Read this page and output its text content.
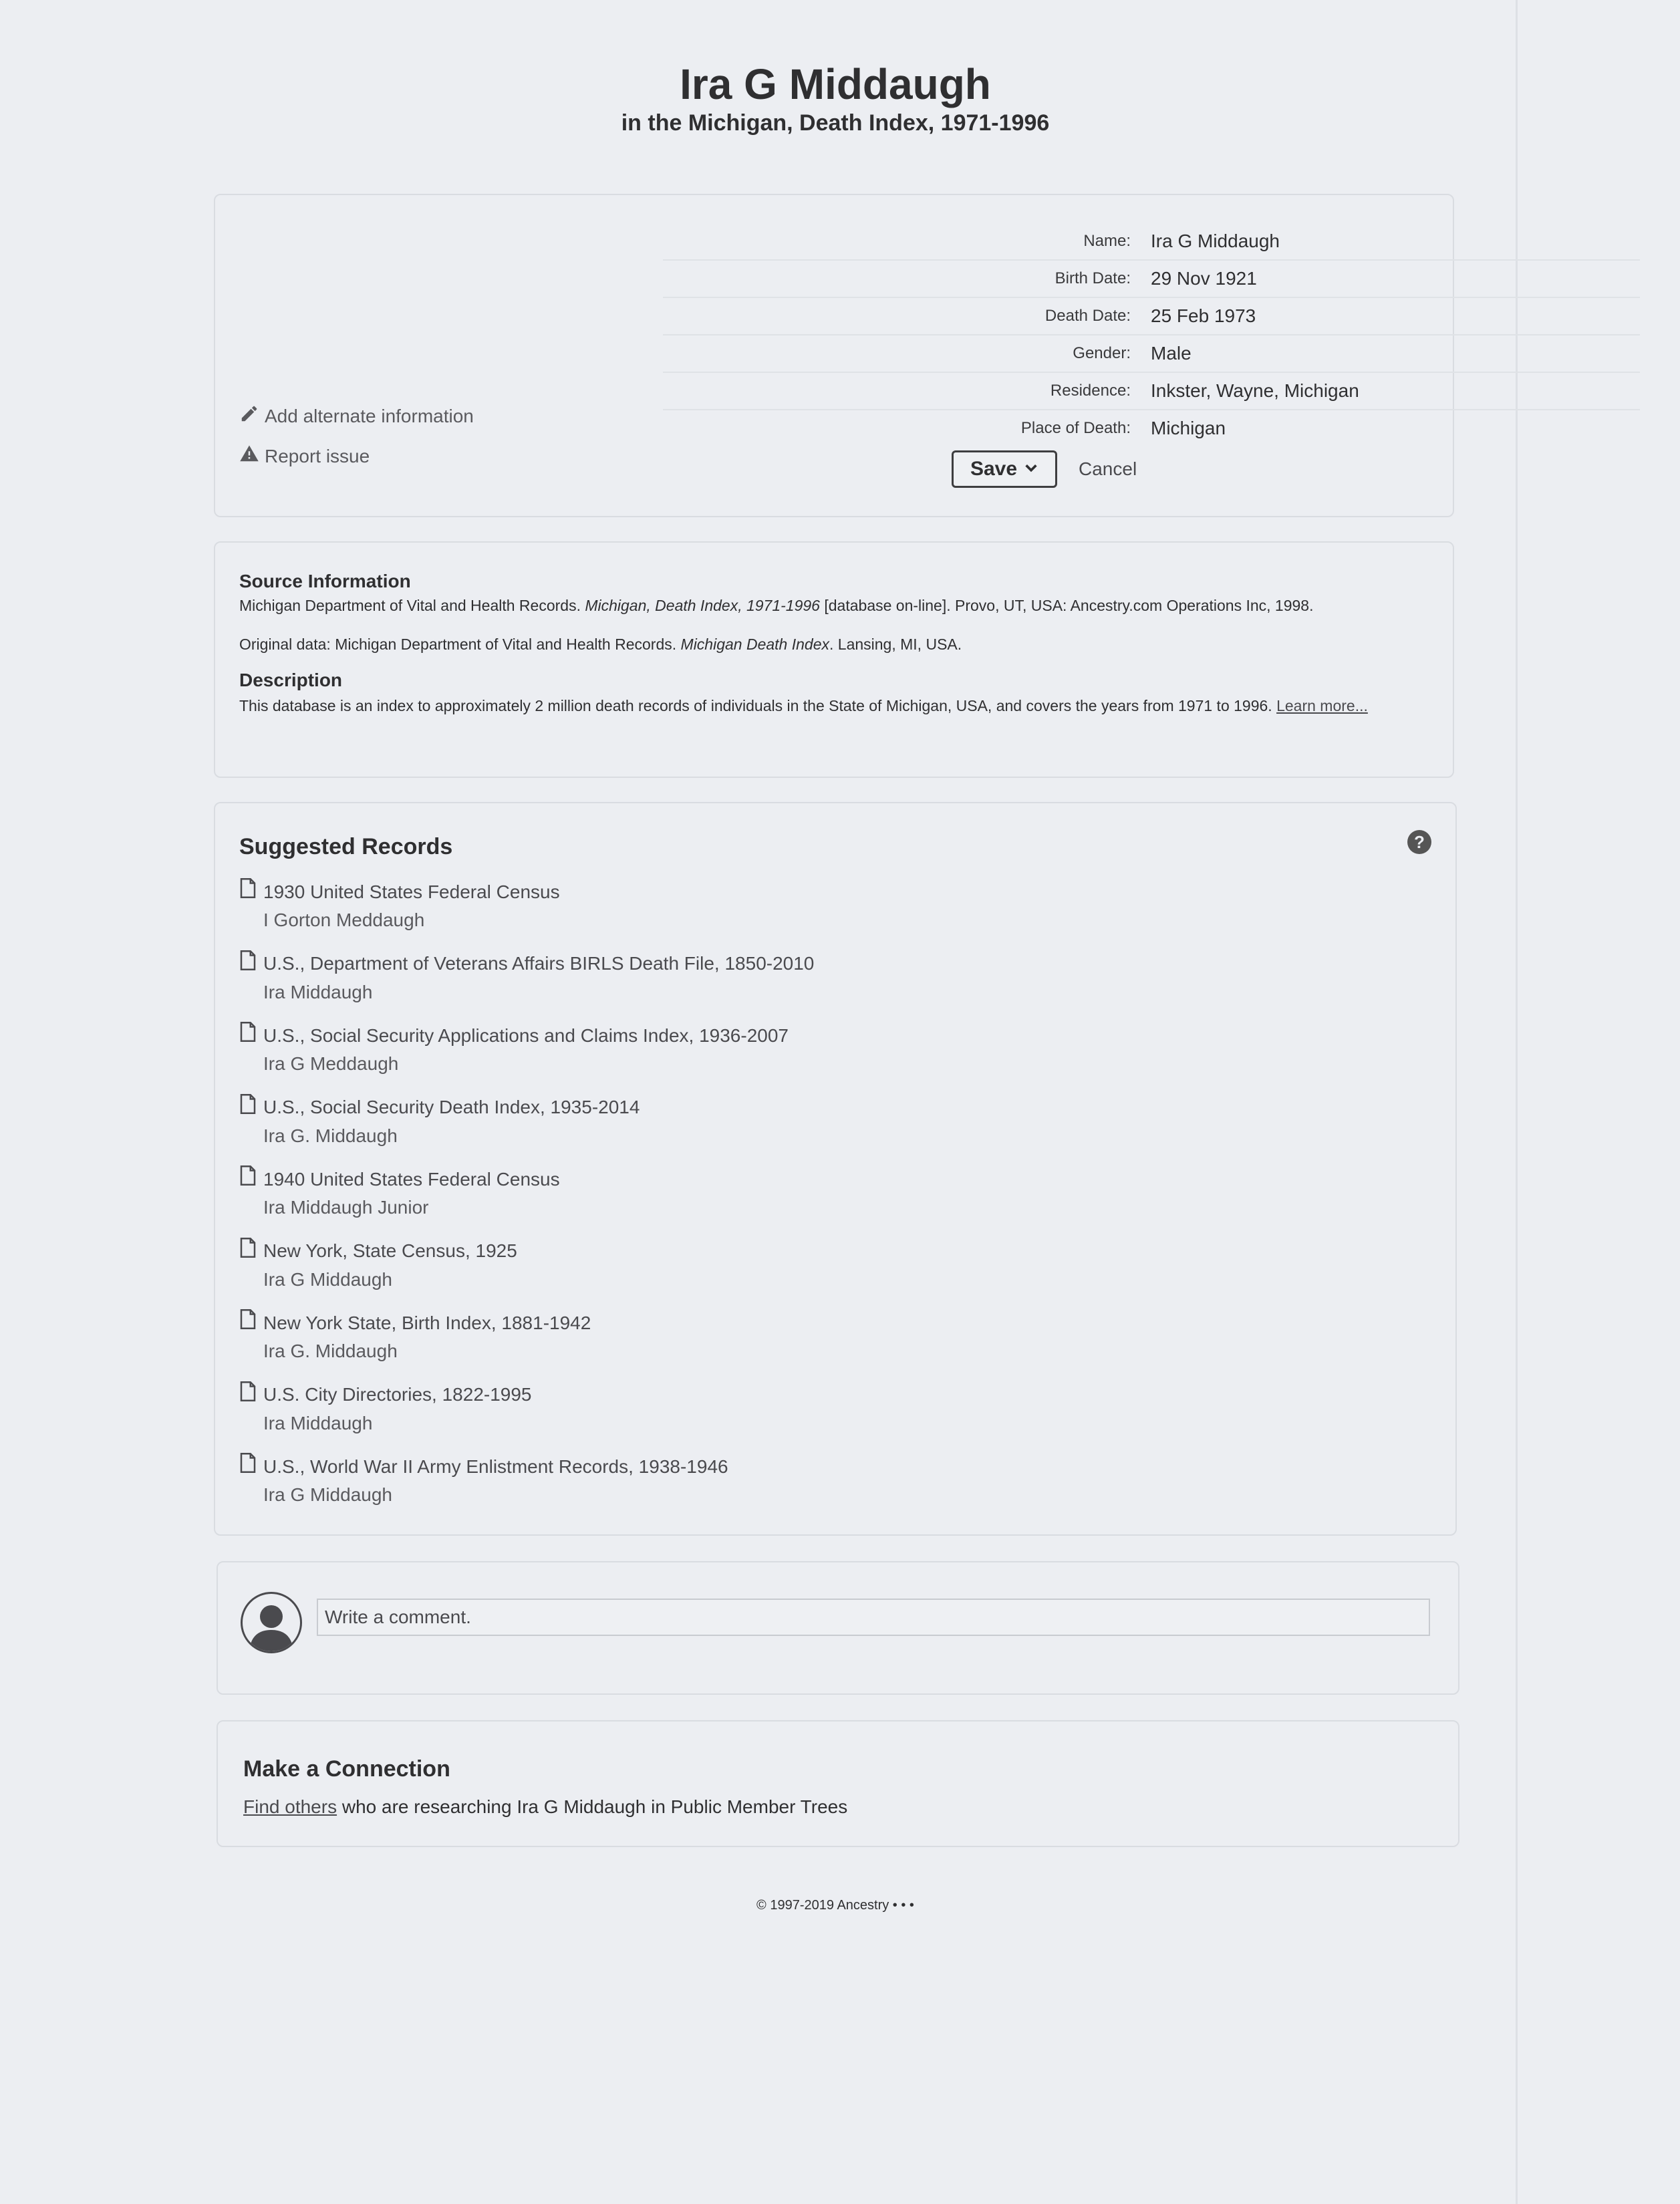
Ira G Middaugh
in the Michigan, Death Index, 1971-1996
Name:	Ira G Middaugh
Birth Date:	29 Nov 1921
Death Date:	25 Feb 1973
Gender:	Male
Residence:	Inkster, Wayne, Michigan
Place of Death:	Michigan
Add alternate information
Report issue
Save	Cancel
Source Information

Michigan Department of Vital and Health Records. Michigan, Death Index, 1971-1996 [database on-line]. Provo, UT, USA: Ancestry.com Operations Inc, 1998.

Original data: Michigan Department of Vital and Health Records. Michigan Death Index. Lansing, MI, USA.

Description

This database is an index to approximately 2 million death records of individuals in the State of Michigan, USA, and covers the years from 1971 to 1996. Learn more...

Suggested Records	?
1930 United States Federal Census
I Gorton Meddaugh
U.S., Department of Veterans Affairs BIRLS Death File, 1850-2010
Ira Middaugh
U.S., Social Security Applications and Claims Index, 1936-2007
Ira G Meddaugh
U.S., Social Security Death Index, 1935-2014
Ira G. Middaugh
1940 United States Federal Census
Ira Middaugh Junior
New York, State Census, 1925
Ira G Middaugh
New York State, Birth Index, 1881-1942
Ira G. Middaugh
U.S. City Directories, 1822-1995
Ira Middaugh
U.S., World War II Army Enlistment Records, 1938-1946
Ira G Middaugh
Write a comment.
Make a Connection
Find others who are researching Ira G Middaugh in Public Member Trees
© 1997-2019 Ancestry • • •
